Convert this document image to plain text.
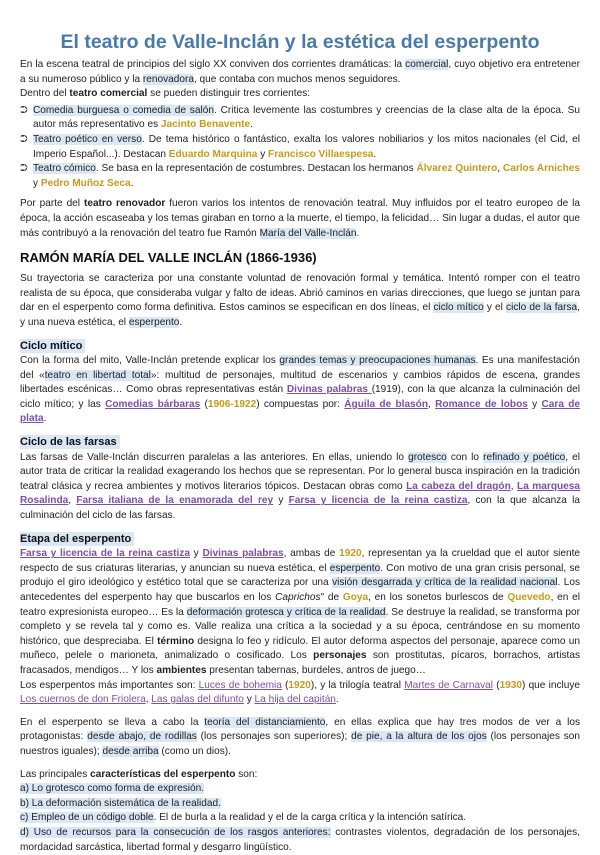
El teatro de Valle-Inclán y la estética del esperpento

En la escena teatral de principios del siglo XX conviven dos corrientes dramáticas: la comercial, cuyo objetivo era entretener a su numeroso público y la renovadora, que contaba con muchos menos seguidores.

Dentro del teatro comercial se pueden distinguir tres corrientes:

⮊ Comedia burguesa o comedia de salón. Critica levemente las costumbres y creencias de la clase alta de la época. Su autor más representativo es Jacinto Benavente.
⮊ Teatro poético en verso. De tema histórico o fantástico, exalta los valores nobiliarios y los mitos nacionales (el Cid, el Imperio Español...). Destacan Eduardo Marquina y Francisco Villaespesa.
⮊ Teatro cómico. Se basa en la representación de costumbres. Destacan los hermanos Álvarez Quintero, Carlos Arniches y Pedro Muñoz Seca.

Por parte del teatro renovador fueron varios los intentos de renovación teatral. Muy influidos por el teatro europeo de la época, la acción escaseaba y los temas giraban en torno a la muerte, el tiempo, la felicidad… Sin lugar a dudas, el autor que más contribuyó a la renovación del teatro fue Ramón María del Valle-Inclán.

RAMÓN MARÍA DEL VALLE INCLÁN (1866-1936)

Su trayectoria se caracteriza por una constante voluntad de renovación formal y temática. Intentó romper con el teatro realista de su época, que consideraba vulgar y falto de ideas. Abrió caminos en varias direcciones, que luego se juntan para dar en el esperpento como forma definitiva. Estos caminos se especifican en dos líneas, el ciclo mítico y el ciclo de la farsa, y una nueva estética, el esperpento.

Ciclo mítico

Con la forma del mito, Valle-Inclán pretende explicar los grandes temas y preocupaciones humanas. Es una manifestación del «teatro en libertad total»: multitud de personajes, multitud de escenarios y cambios rápidos de escena, grandes libertades escénicas… Como obras representativas están Divinas palabras (1919), con la que alcanza la culminación del ciclo mítico; y las Comedias bárbaras (1906-1922) compuestas por: Águila de blasón, Romance de lobos y Cara de plata.

Ciclo de las farsas

Las farsas de Valle-Inclán discurren paralelas a las anteriores. En ellas, uniendo lo grotesco con lo refinado y poético, el autor trata de criticar la realidad exagerando los hechos que se representan. Por lo general busca inspiración en la tradición teatral clásica y recrea ambientes y motivos literarios tópicos. Destacan obras como La cabeza del dragón, La marquesa Rosalinda, Farsa italiana de la enamorada del rey y Farsa y licencia de la reina castiza, con la que alcanza la culminación del ciclo de las farsas.

Etapa del esperpento

Farsa y licencia de la reina castiza y Divinas palabras, ambas de 1920, representan ya la crueldad que el autor siente respecto de sus criaturas literarias, y anuncian su nueva estética, el esperpento. Con motivo de una gran crisis personal, se produjo el giro ideológico y estético total que se caracteriza por una visión desgarrada y crítica de la realidad nacional. Los antecedentes del esperpento hay que buscarlos en los Caprichos" de Goya, en los sonetos burlescos de Quevedo, en el teatro expresionista europeo… Es la deformación grotesca y crítica de la realidad. Se destruye la realidad, se transforma por completo y se revela tal y como es. Valle realiza una crítica a la sociedad y a su época, centrándose en su momento histórico, que despreciaba. El término designa lo feo y ridículo. El autor deforma aspectos del personaje, aparece como un muñeco, pelele o marioneta, animalizado o cosificado. Los personajes son prostitutas, pícaros, borrachos, artistas fracasados, mendigos… Y los ambientes presentan tabernas, burdeles, antros de juego…

Los esperpentos más importantes son: Luces de bohemia (1920), y la trilogía teatral Martes de Carnaval (1930) que incluye Los cuernos de don Friolera, Las galas del difunto y La hija del capitán.

En el esperpento se lleva a cabo la teoría del distanciamiento, en ellas explica que hay tres modos de ver a los protagonistas: desde abajo, de rodillas (los personajes son superiores); de pie, a la altura de los ojos (los personajes son nuestros iguales); desde arriba (como un dios).

Las principales características del esperpento son:

a) Lo grotesco como forma de expresión.

b) La deformación sistemática de la realidad.

c) Empleo de un código doble. El de burla a la realidad y el de la carga crítica y la intención satírica.

d) Uso de recursos para la consecución de los rasgos anteriores: contrastes violentos, degradación de los personajes, mordacidad sarcástica, libertad formal y desgarro lingüístico.
